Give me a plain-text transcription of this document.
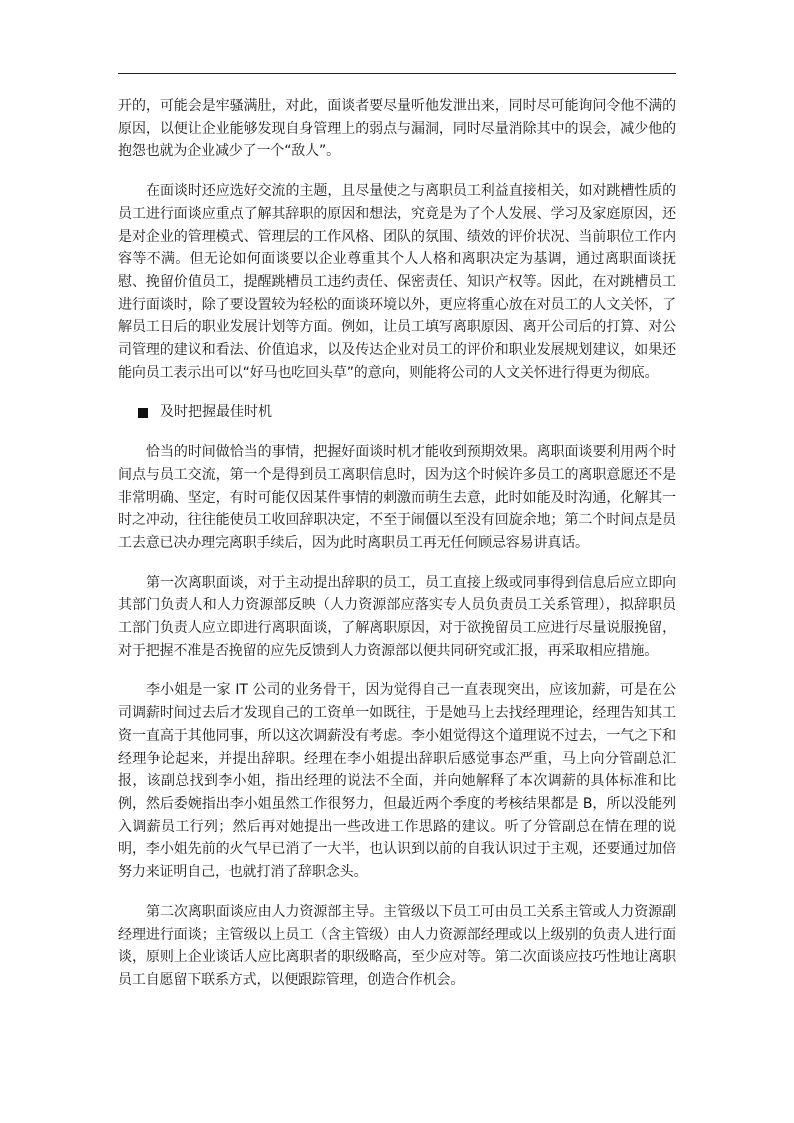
开的，可能会是牢骚满肚，对此，面谈者要尽量听他发泄出来，同时尽可能询问令他不满的原因，以便让企业能够发现自身管理上的弱点与漏洞，同时尽量消除其中的误会，减少他的抱怨也就为企业减少了一个“敌人”。

在面谈时还应选好交流的主题，且尽量使之与离职员工利益直接相关，如对跳槽性质的员工进行面谈应重点了解其辞职的原因和想法，究竟是为了个人发展、学习及家庭原因，还是对企业的管理模式、管理层的工作风格、团队的氛围、绩效的评价状况、当前职位工作内容等不满。但无论如何面谈要以企业尊重其个人人格和离职决定为基调，通过离职面谈抚慰、挽留价值员工，提醒跳槽员工违约责任、保密责任、知识产权等。因此，在对跳槽员工进行面谈时，除了要设置较为轻松的面谈环境以外，更应将重心放在对员工的人文关怀，了解员工日后的职业发展计划等方面。例如，让员工填写离职原因、离开公司后的打算、对公司管理的建议和看法、价值追求，以及传达企业对员工的评价和职业发展规划建议，如果还能向员工表示出可以“好马也吃回头草”的意向，则能将公司的人文关怀进行得更为彻底。

及时把握最佳时机

恰当的时间做恰当的事情，把握好面谈时机才能收到预期效果。离职面谈要利用两个时间点与员工交流，第一个是得到员工离职信息时，因为这个时候许多员工的离职意愿还不是非常明确、坚定，有时可能仅因某件事情的刺激而萌生去意，此时如能及时沟通，化解其一时之冲动，往往能使员工收回辞职决定，不至于闹僵以至没有回旋余地；第二个时间点是员工去意已决办理完离职手续后，因为此时离职员工再无任何顾忌容易讲真话。

第一次离职面谈，对于主动提出辞职的员工，员工直接上级或同事得到信息后应立即向其部门负责人和人力资源部反映（人力资源部应落实专人员负责员工关系管理），拟辞职员工部门负责人应立即进行离职面谈，了解离职原因，对于欲挽留员工应进行尽量说服挽留，对于把握不准是否挽留的应先反馈到人力资源部以便共同研究或汇报，再采取相应措施。

李小姐是一家 IT 公司的业务骨干，因为觉得自己一直表现突出，应该加薪，可是在公司调薪时间过去后才发现自己的工资单一如既往，于是她马上去找经理理论，经理告知其工资一直高于其他同事，所以这次调薪没有考虑。李小姐觉得这个道理说不过去，一气之下和经理争论起来，并提出辞职。经理在李小姐提出辞职后感觉事态严重，马上向分管副总汇报，该副总找到李小姐，指出经理的说法不全面，并向她解释了本次调薪的具体标准和比例，然后委婉指出李小姐虽然工作很努力，但最近两个季度的考核结果都是 B，所以没能列入调薪员工行列；然后再对她提出一些改进工作思路的建议。听了分管副总在情在理的说明，李小姐先前的火气早已消了一大半，也认识到以前的自我认识过于主观，还要通过加倍努力来证明自己，也就打消了辞职念头。

第二次离职面谈应由人力资源部主导。主管级以下员工可由员工关系主管或人力资源副经理进行面谈；主管级以上员工（含主管级）由人力资源部经理或以上级别的负责人进行面谈，原则上企业谈话人应比离职者的职级略高，至少应对等。第二次面谈应技巧性地让离职员工自愿留下联系方式，以便跟踪管理，创造合作机会。
